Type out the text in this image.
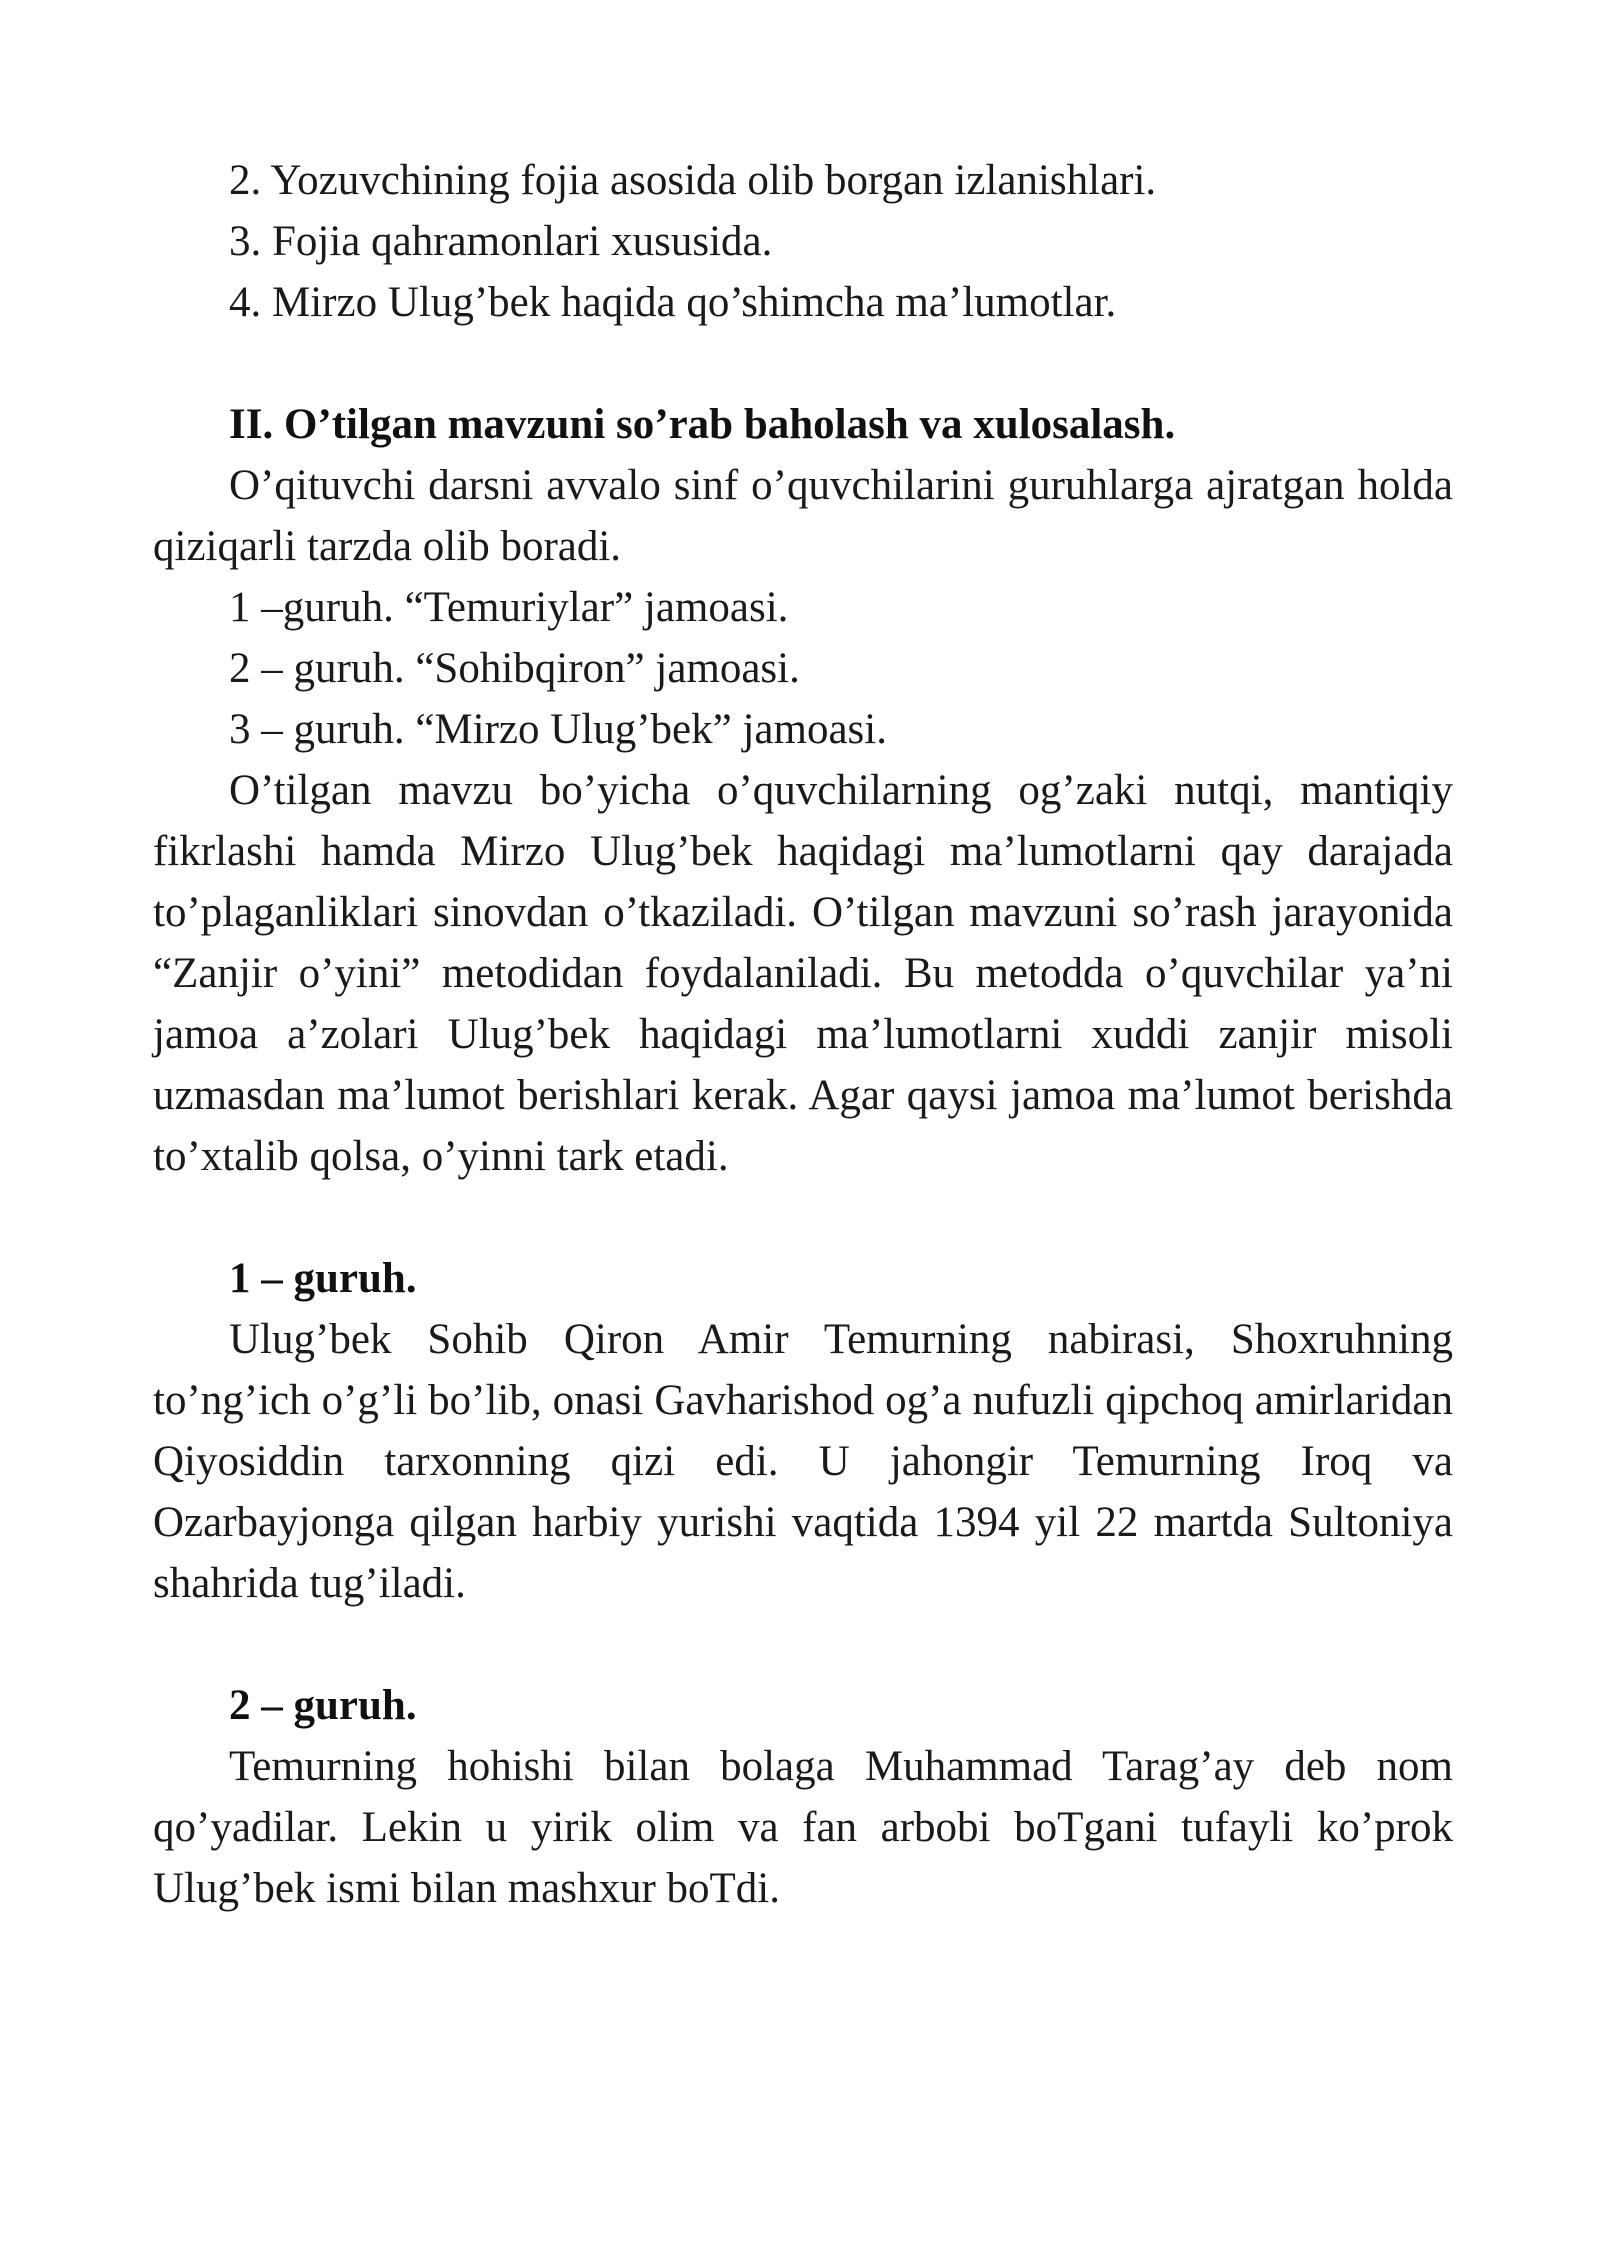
2. Yozuvchining fojia asosida olib borgan izlanishlari.

3. Fojia qahramonlari xususida.

4. Mirzo Ulug’bek haqida qo’shimcha ma’lumotlar.

II. O’tilgan mavzuni so’rab baholash va xulosalash.

O’qituvchi darsni avvalo sinf o’quvchilarini guruhlarga ajratgan holda qiziqarli tarzda olib boradi.

1 –guruh. “Temuriylar” jamoasi.

2 – guruh. “Sohibqiron” jamoasi.

3 – guruh. “Mirzo Ulug’bek” jamoasi.

O’tilgan mavzu bo’yicha o’quvchilarning og’zaki nutqi, mantiqiy fikrlashi hamda Mirzo Ulug’bek haqidagi ma’lumotlarni qay darajada to’plaganliklari sinovdan o’tkaziladi. O’tilgan mavzuni so’rash jarayonida “Zanjir o’yini” metodidan foydalaniladi. Bu metodda o’quvchilar ya’ni jamoa a’zolari Ulug’bek haqidagi ma’lumotlarni xuddi zanjir misoli uzmasdan ma’lumot berishlari kerak. Agar qaysi jamoa ma’lumot berishda to’xtalib qolsa, o’yinni tark etadi.

1 – guruh.

Ulug’bek Sohib Qiron Amir Temurning nabirasi, Shoxruhning to’ng’ich o’g’li bo’lib, onasi Gavharishod og’a nufuzli qipchoq amirlaridan Qiyosiddin tarxonning qizi edi. U jahongir Temurning Iroq va Ozarbayjonga qilgan harbiy yurishi vaqtida 1394 yil 22 martda Sultoniya shahrida tug’iladi.

2 – guruh.

Temurning hohishi bilan bolaga Muhammad Tarag’ay deb nom qo’yadilar. Lekin u yirik olim va fan arbobi boTgani tufayli ko’prok Ulug’bek ismi bilan mashxur boTdi.
